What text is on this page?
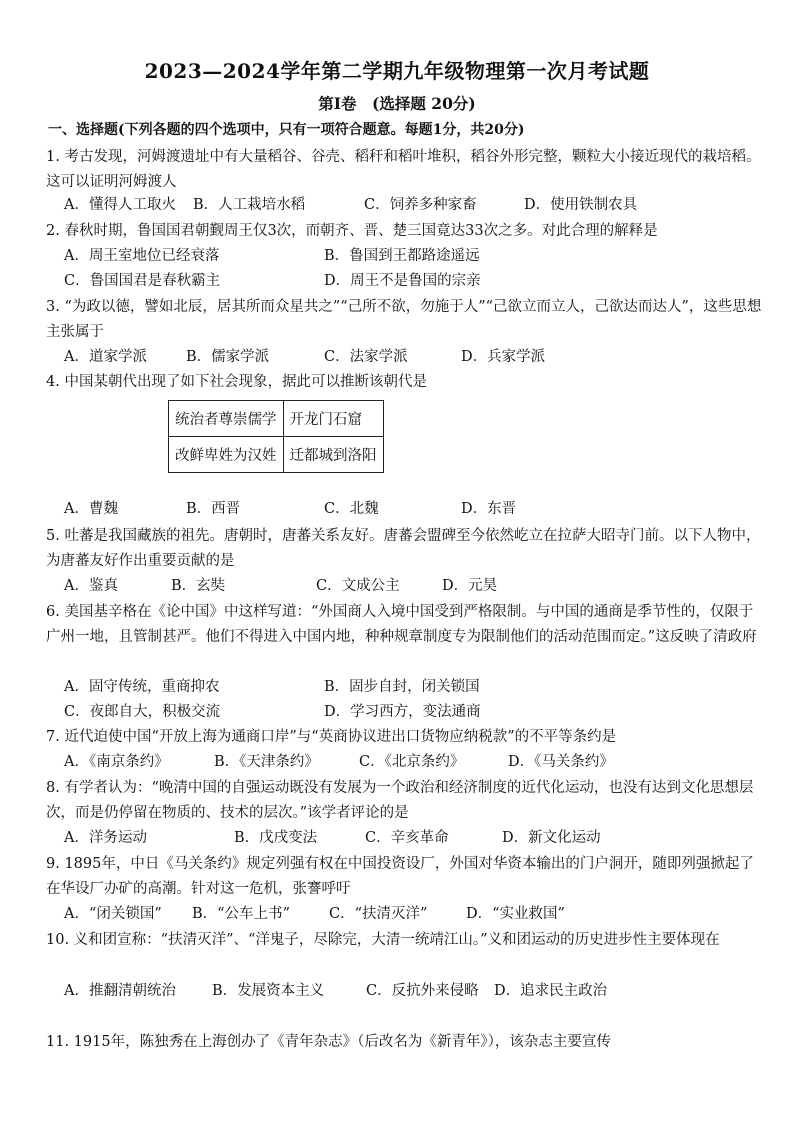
2023—2024学年第二学期九年级物理第一次月考试题
第Ⅰ卷　(选择题 20分)
一、选择题(下列各题的四个选项中，只有一项符合题意。每题1分，共20分)
1. 考古发现，河姆渡遗址中有大量稻谷、谷壳、稻秆和稻叶堆积，稻谷外形完整，颗粒大小接近现代的栽培稻。这可以证明河姆渡人
A．懂得人工取火 B．人工栽培水稻	C．饲养多种家畜	D．使用铁制农具
2. 春秋时期，鲁国国君朝觐周王仅3次，而朝齐、晋、楚三国竟达33次之多。对此合理的解释是
A．周王室地位已经衰落	B．鲁国到王都路途遥远
C．鲁国国君是春秋霸主	D．周王不是鲁国的宗亲
3. “为政以德，譬如北辰，居其所而众星共之”“己所不欲，勿施于人”“己欲立而立人，己欲达而达人”，这些思想主张属于
A．道家学派	B．儒家学派	C．法家学派	D．兵家学派
4. 中国某朝代出现了如下社会现象，据此可以推断该朝代是
统治者尊崇儒学	开龙门石窟
改鲜卑姓为汉姓	迁都城到洛阳
A．曹魏	B．西晋	C．北魏	D．东晋
5. 吐蕃是我国藏族的祖先。唐朝时，唐蕃关系友好。唐蕃会盟碑至今依然屹立在拉萨大昭寺门前。以下人物中，为唐蕃友好作出重要贡献的是
A．鉴真	B．玄奘	C．文成公主	D．元昊
6. 美国基辛格在《论中国》中这样写道：“外国商人入境中国受到严格限制。与中国的通商是季节性的，仅限于广州一地，且管制甚严。他们不得进入中国内地，种种规章制度专为限制他们的活动范围而定。”这反映了清政府
A．固守传统，重商抑农	B．固步自封，闭关锁国
C．夜郎自大，积极交流	D．学习西方，变法通商
7. 近代迫使中国“开放上海为通商口岸”与“英商协议进出口货物应纳税款”的不平等条约是
A．《南京条约》	B．《天津条约》	C．《北京条约》	D．《马关条约》
8. 有学者认为：“晚清中国的自强运动既没有发展为一个政治和经济制度的近代化运动，也没有达到文化思想层次，而是仍停留在物质的、技术的层次。”该学者评论的是
A．洋务运动	B．戊戌变法	C．辛亥革命	D．新文化运动
9. 1895年，中日《马关条约》规定列强有权在中国投资设厂，外国对华资本输出的门户洞开，随即列强掀起了在华设厂办矿的高潮。针对这一危机，张謇呼吁
A．“闭关锁国” B．“公车上书”	C．“扶清灭洋”	D．“实业救国”
10. 义和团宣称：“扶清灭洋”、“洋鬼子，尽除完，大清一统靖江山。”义和团运动的历史进步性主要体现在
A．推翻清朝统治 B．发展资本主义	C．反抗外来侵略 D．追求民主政治
11. 1915年，陈独秀在上海创办了《青年杂志》（后改名为《新青年》），该杂志主要宣传
